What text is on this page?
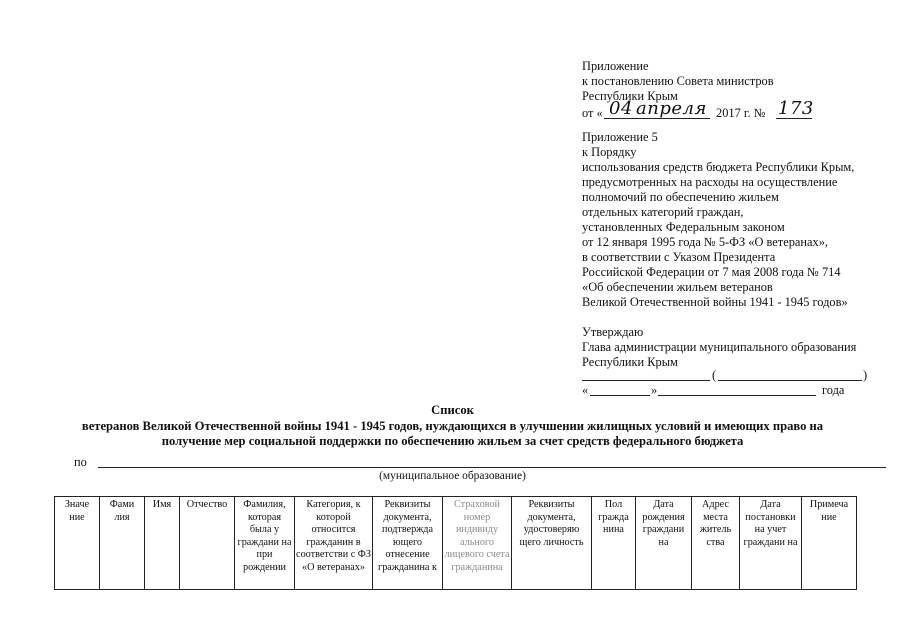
Приложение
к постановлению Совета министров
Республики Крым
от « 04 апреля 2017 г. № 173
Приложение 5
к Порядку
использования средств бюджета Республики Крым,
предусмотренных на расходы на осуществление
полномочий по обеспечению жильем
отдельных категорий граждан,
установленных Федеральным законом
от 12 января 1995 года № 5-ФЗ «О ветеранах»,
в соответствии с Указом Президента
Российской Федерации от 7 мая 2008 года № 714
«Об обеспечении жильем ветеранов
Великой Отечественной войны 1941 - 1945 годов»
Утверждаю
Глава администрации муниципального образования
Республики Крым
(	)
«	»	года
Список
ветеранов Великой Отечественной войны 1941 - 1945 годов, нуждающихся в улучшении жилищных условий и имеющих право на
получение мер социальной поддержки по обеспечению жильем за счет средств федерального бюджета
по
(муниципальное образование)
Значе ние	Фами лия	Имя	Отчество	Фамилия, которая была у граждани на при рождении	Категория, к которой относится гражданин в соответстви с ФЗ «О ветеранах»	Реквизиты документа, подтвержда ющего отнесение гражданина к	Страховой номер индивиду ального лицевого счета гражданина	Реквизиты документа, удостоверяю щего личность	Пол гражда нина	Дата рождения граждани на	Адрес места житель ства	Дата постановки на учет граждани на	Примеча ние
